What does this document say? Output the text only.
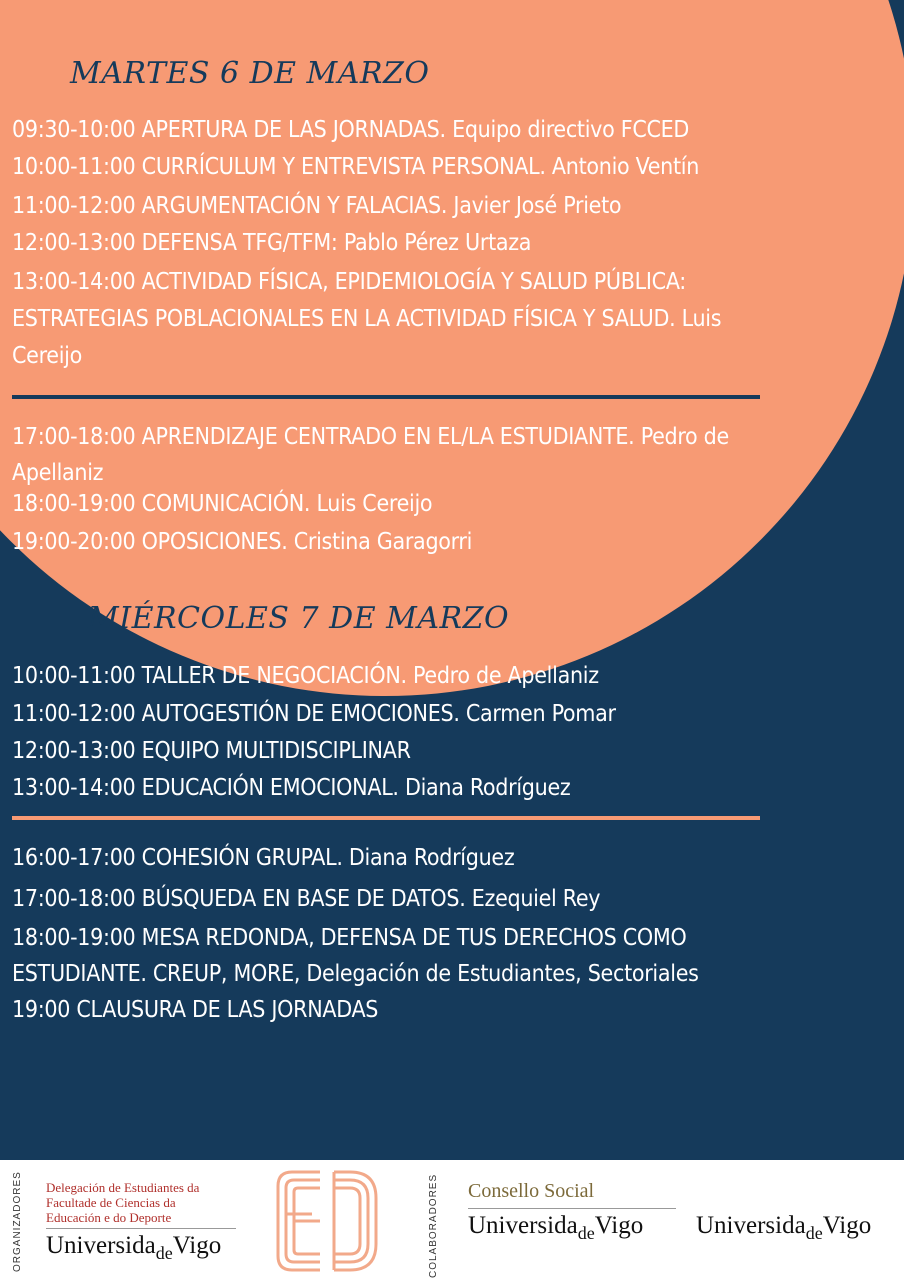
MARTES 6 DE MARZO
09:30-10:00 APERTURA DE LAS JORNADAS. Equipo directivo FCCED
10:00-11:00 CURRÍCULUM Y ENTREVISTA PERSONAL. Antonio Ventín
11:00-12:00 ARGUMENTACIÓN Y FALACIAS. Javier José Prieto
12:00-13:00 DEFENSA TFG/TFM: Pablo Pérez Urtaza
13:00-14:00 ACTIVIDAD FÍSICA, EPIDEMIOLOGÍA Y SALUD PÚBLICA:
ESTRATEGIAS POBLACIONALES EN LA ACTIVIDAD FÍSICA Y SALUD. Luis
Cereijo
17:00-18:00 APRENDIZAJE CENTRADO EN EL/LA ESTUDIANTE. Pedro de
Apellaniz
18:00-19:00 COMUNICACIÓN. Luis Cereijo
19:00-20:00 OPOSICIONES. Cristina Garagorri
MIÉRCOLES 7 DE MARZO
10:00-11:00 TALLER DE NEGOCIACIÓN. Pedro de Apellaniz
11:00-12:00 AUTOGESTIÓN DE EMOCIONES. Carmen Pomar
12:00-13:00 EQUIPO MULTIDISCIPLINAR
13:00-14:00 EDUCACIÓN EMOCIONAL. Diana Rodríguez
16:00-17:00 COHESIÓN GRUPAL. Diana Rodríguez
17:00-18:00 BÚSQUEDA EN BASE DE DATOS. Ezequiel Rey
18:00-19:00 MESA REDONDA, DEFENSA DE TUS DERECHOS COMO
ESTUDIANTE. CREUP, MORE, Delegación de Estudiantes, Sectoriales
19:00 CLAUSURA DE LAS JORNADAS
ORGANIZADORES Delegación de Estudiantes da
Facultade de Ciencias da
Educación e do Deporte
Universida$_{de}$Vigo	COLABORADORES Consello Social
Universida$_{de}$Vigo Universida$_{de}$Vigo
